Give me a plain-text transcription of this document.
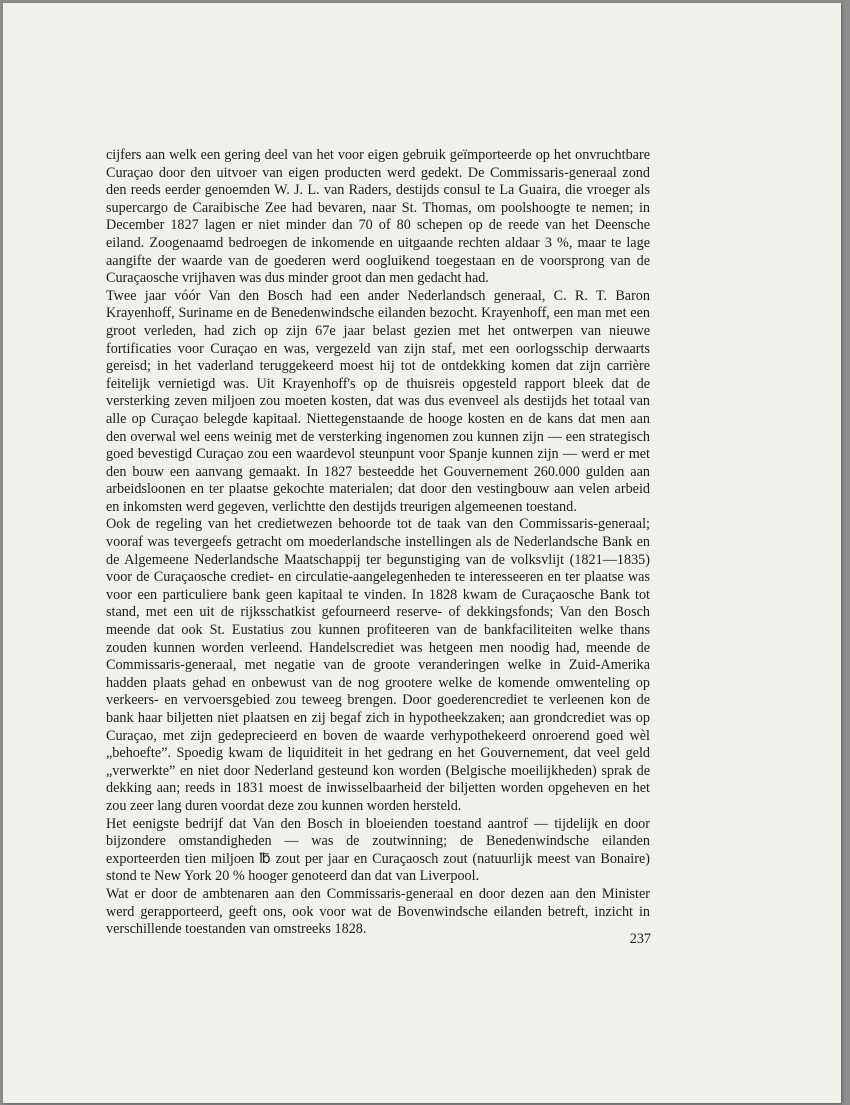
cijfers aan welk een gering deel van het voor eigen gebruik geïmporteerde op het onvruchtbare Curaçao door den uitvoer van eigen producten werd gedekt. De Commissaris-generaal zond den reeds eerder genoemden W. J. L. van Raders, destijds consul te La Guaira, die vroeger als supercargo de Caraibische Zee had bevaren, naar St. Thomas, om poolshoogte te nemen; in December 1827 lagen er niet minder dan 70 of 80 schepen op de reede van het Deensche eiland. Zoogenaamd bedroegen de inkomende en uitgaande rechten aldaar 3 %, maar te lage aangifte der waarde van de goederen werd oogluikend toegestaan en de voorsprong van de Curaçaosche vrijhaven was dus minder groot dan men gedacht had.

Twee jaar vóór Van den Bosch had een ander Nederlandsch generaal, C. R. T. Baron Krayenhoff, Suriname en de Benedenwindsche eilanden bezocht. Krayenhoff, een man met een groot verleden, had zich op zijn 67e jaar belast gezien met het ontwerpen van nieuwe fortificaties voor Curaçao en was, vergezeld van zijn staf, met een oorlogsschip derwaarts gereisd; in het vaderland teruggekeerd moest hij tot de ontdekking komen dat zijn carrière feitelijk vernietigd was. Uit Krayenhoff's op de thuisreis opgesteld rapport bleek dat de versterking zeven miljoen zou moeten kosten, dat was dus evenveel als destijds het totaal van alle op Curaçao belegde kapitaal. Niettegenstaande de hooge kosten en de kans dat men aan den overwal wel eens weinig met de versterking ingenomen zou kunnen zijn — een strategisch goed bevestigd Curaçao zou een waardevol steunpunt voor Spanje kunnen zijn — werd er met den bouw een aanvang gemaakt. In 1827 besteedde het Gouvernement 260.000 gulden aan arbeidsloonen en ter plaatse gekochte materialen; dat door den vestingbouw aan velen arbeid en inkomsten werd gegeven, verlichtte den destijds treurigen algemeenen toestand.

Ook de regeling van het credietwezen behoorde tot de taak van den Commissaris-generaal; vooraf was tevergeefs getracht om moederlandsche instellingen als de Nederlandsche Bank en de Algemeene Nederlandsche Maatschappij ter begunstiging van de volksvlijt (1821—1835) voor de Curaçaosche crediet- en circulatie-aangelegenheden te interesseeren en ter plaatse was voor een particuliere bank geen kapitaal te vinden. In 1828 kwam de Curaçaosche Bank tot stand, met een uit de rijksschatkist gefourneerd reserve- of dekkingsfonds; Van den Bosch meende dat ook St. Eustatius zou kunnen profiteeren van de bankfaciliteiten welke thans zouden kunnen worden verleend. Handelscrediet was hetgeen men noodig had, meende de Commissaris-generaal, met negatie van de groote veranderingen welke in Zuid-Amerika hadden plaats gehad en onbewust van de nog grootere welke de komende omwenteling op verkeers- en vervoersgebied zou teweeg brengen. Door goederencrediet te verleenen kon de bank haar biljetten niet plaatsen en zij begaf zich in hypotheekzaken; aan grondcrediet was op Curaçao, met zijn gedeprecieerd en boven de waarde verhypothekeerd onroerend goed wèl „behoefte”. Spoedig kwam de liquiditeit in het gedrang en het Gouvernement, dat veel geld „verwerkte” en niet door Nederland gesteund kon worden (Belgische moeilijkheden) sprak de dekking aan; reeds in 1831 moest de inwisselbaarheid der biljetten worden opgeheven en het zou zeer lang duren voordat deze zou kunnen worden hersteld.

Het eenigste bedrijf dat Van den Bosch in bloeienden toestand aantrof — tijdelijk en door bijzondere omstandigheden — was de zoutwinning; de Benedenwindsche eilanden exporteerden tien miljoen ℔ zout per jaar en Curaçaosch zout (natuurlijk meest van Bonaire) stond te New York 20 % hooger genoteerd dan dat van Liverpool.

Wat er door de ambtenaren aan den Commissaris-generaal en door dezen aan den Minister werd gerapporteerd, geeft ons, ook voor wat de Bovenwindsche eilanden betreft, inzicht in verschillende toestanden van omstreeks 1828.

237
